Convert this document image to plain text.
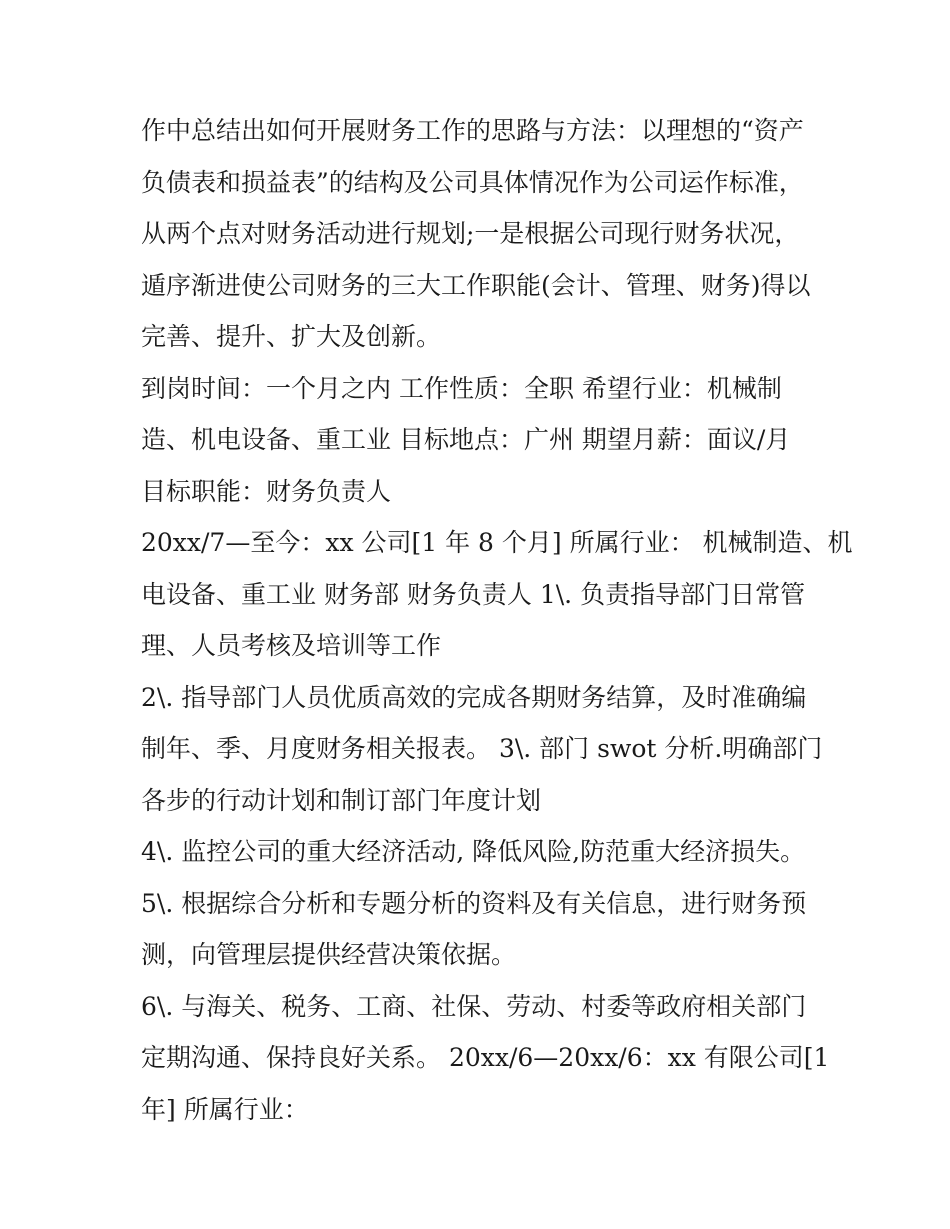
作中总结出如何开展财务工作的思路与方法：以理想的“资产
负债表和损益表”的结构及公司具体情况作为公司运作标准，
从两个点对财务活动进行规划;一是根据公司现行财务状况，
遁序渐进使公司财务的三大工作职能(会计、管理、财务)得以
完善、提升、扩大及创新。
到岗时间：一个月之内 工作性质：全职 希望行业：机械制
造、机电设备、重工业 目标地点：广州 期望月薪：面议/月
目标职能：财务负责人
20xx/7—至今：xx 公司[1 年 8 个月] 所属行业： 机械制造、机
电设备、重工业 财务部 财务负责人 1\. 负责指导部门日常管
理、人员考核及培训等工作
2\. 指导部门人员优质高效的完成各期财务结算，及时准确编
制年、季、月度财务相关报表。 3\. 部门 swot 分析.明确部门
各步的行动计划和制订部门年度计划
4\. 监控公司的重大经济活动, 降低风险,防范重大经济损失。
5\. 根据综合分析和专题分析的资料及有关信息，进行财务预
测，向管理层提供经营决策依据。
6\. 与海关、税务、工商、社保、劳动、村委等政府相关部门
定期沟通、保持良好关系。 20xx/6—20xx/6：xx 有限公司[1
年] 所属行业：
